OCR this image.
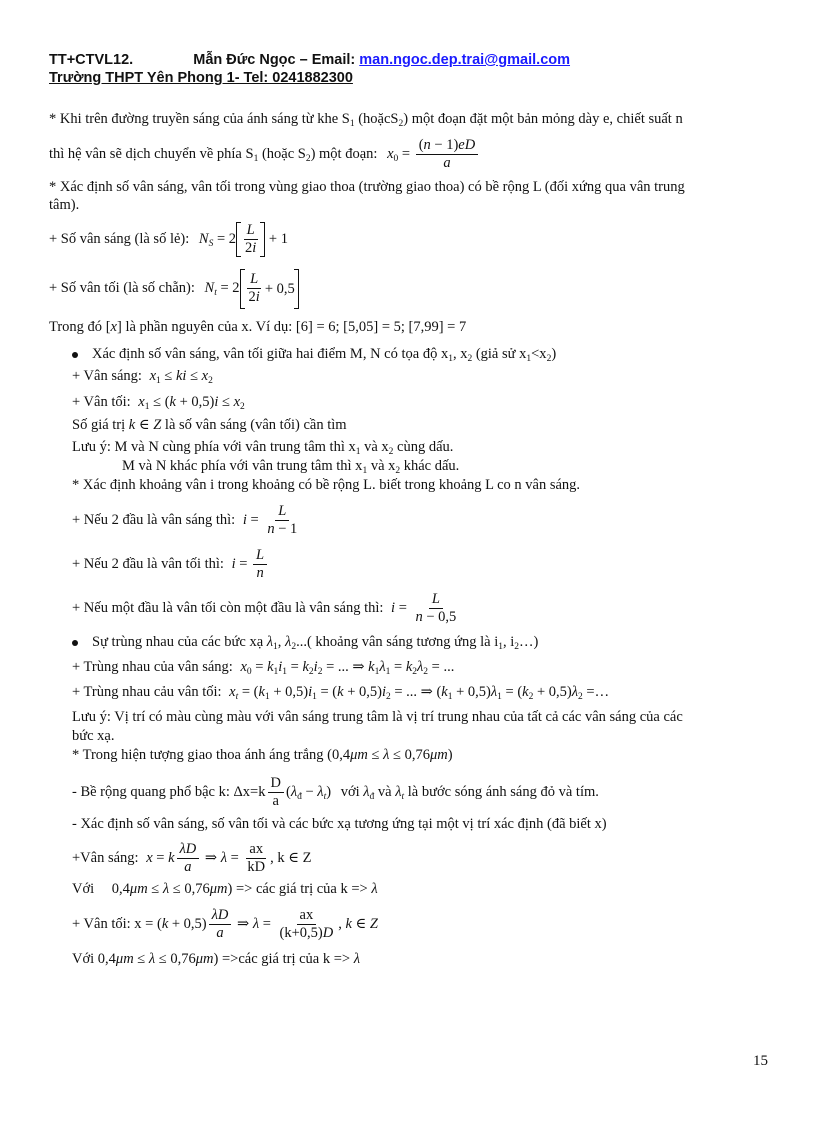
TT+CTVL12.	Mẫn Đức Ngọc – Email: man.ngoc.dep.trai@gmail.com
Trường THPT Yên Phong 1- Tel: 0241882300
* Khi trên đường truyền sáng của ánh sáng từ khe $S_1$ (hoặcS$_2$) một đoạn đặt một bản mỏng dày e, chiết suất n
thì hệ vân sẽ dịch chuyển về phía $S_1$ (hoặc $S_2$) một đoạn: $x_0 = \frac{(n - 1)eD}{a}$
* Xác định số vân sáng, vân tối trong vùng giao thoa (trường giao thoa) có bề rộng L (đối xứng qua vân trung
tâm).
+ Số vân sáng (là số lẻ): $N_S = 2 \frac{L}{2i} + 1$
+ Số vân tối (là số chẵn): $N_t = 2 \frac{L}{2i} + 0,5$
Trong đó [x] là phần nguyên của x. Ví dụ: [6] = 6; [5,05] = 5; [7,99] = 7
Xác định số vân sáng, vân tối giữa hai điểm M, N có tọa độ $x_1$, $x_2$ (giả sử $x_1<x_2$)
+ Vân sáng: $x_1$ ≤ ki ≤ $x_2$
+ Vân tối: $x_1 \le (k + 0,5)i \le x_2$
Số giá trị k ∈ Z là số vân sáng (vân tối) cần tìm
Lưu ý: M và N cùng phía với vân trung tâm thì $x_1$ và $x_2$ cùng dấu.
M và N khác phía với vân trung tâm thì $x_1$ và $x_2$ khác dấu.
* Xác định khoảng vân i trong khoảng có bề rộng L. biết trong khoảng L co n vân sáng.
+ Nếu 2 đầu là vân sáng thì: $i = \frac{L}{n - 1}$
+ Nếu 2 đầu là vân tối thì: $i = \frac{L}{n}$
+ Nếu một đầu là vân tối còn một đầu là vân sáng thì: $i = \frac{L}{n - 0,5}$
Sự trùng nhau của các bức xạ $\lambda_1$, $\lambda_2$...( khoảng vân sáng tương ứng là $i_1$, $i_2\dots$)
+ Trùng nhau của vân sáng: $x_0 = k_1i_1 = k_2i_2$ = ... ⇒ $k_1\lambda_1 = k_2\lambda_2$ = ...
+ Trùng nhau cảu vân tối: $x_t = (k_1 + 0,5)i_1 = (k + 0,5)i_2$ = ... ⇒ $(k_1 + 0,5)\lambda_1 = (k_2 + 0,5)\lambda_2$ =…
Lưu ý: Vị trí có màu cùng màu với vân sáng trung tâm là vị trí trung nhau của tất cả các vân sáng của các
bức xạ.
* Trong hiện tượng giao thoa ánh áng trắng (0,4μm ≤ λ ≤ 0,76μm)
- Bề rộng quang phổ bậc k: $\Delta x=k \frac{D}{a} (\lambda_đ - \lambda_t)$ với $\lambda_đ$ và $\lambda_t$ là bước sóng ánh sáng đỏ và tím.
- Xác định số vân sáng, số vân tối và các bức xạ tương ứng tại một vị trí xác định (đã biết x)
+Vân sáng: x = k $\frac{\lambda D}{a}$ ⇒ $\lambda = \frac{ax}{kD}$ , k ∈ Z
Với 0,4μm ≤ λ ≤ 0,76μm) => các giá trị của k => λ
+ Vân tối: $x = (k + 0,5) \frac{\lambda D}{a}$ ⇒ $\lambda = \frac{ax}{(k+0,5)D}$ , k ∈ Z
Với 0,4μm ≤ λ ≤ 0,76μm) =>các giá trị của k => λ
15
